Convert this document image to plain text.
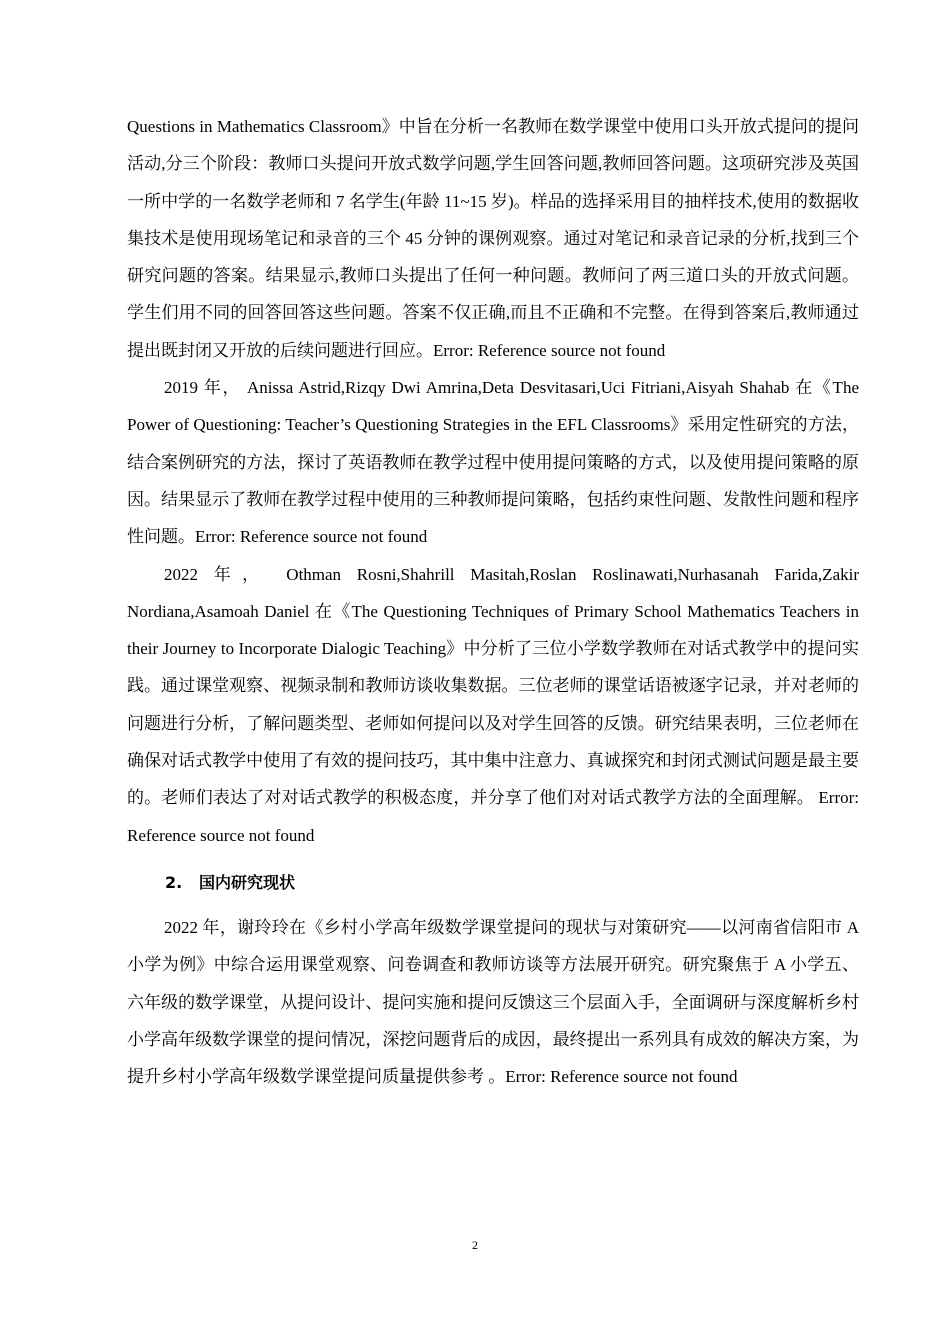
Questions in Mathematics Classroom》中旨在分析一名教师在数学课堂中使用口头开放式提问的提问活动,分三个阶段：教师口头提问开放式数学问题,学生回答问题,教师回答问题。这项研究涉及英国一所中学的一名数学老师和 7 名学生(年龄 11~15 岁)。样品的选择采用目的抽样技术,使用的数据收集技术是使用现场笔记和录音的三个 45 分钟的课例观察。通过对笔记和录音记录的分析,找到三个研究问题的答案。结果显示,教师口头提出了任何一种问题。教师问了两三道口头的开放式问题。学生们用不同的回答回答这些问题。答案不仅正确,而且不正确和不完整。在得到答案后,教师通过提出既封闭又开放的后续问题进行回应。Error: Reference source not found

2019 年， Anissa Astrid,Rizqy Dwi Amrina,Deta Desvitasari,Uci Fitriani,Aisyah Shahab 在《The Power of Questioning: Teacher’s Questioning Strategies in the EFL Classrooms》采用定性研究的方法，结合案例研究的方法，探讨了英语教师在教学过程中使用提问策略的方式，以及使用提问策略的原因。结果显示了教师在教学过程中使用的三种教师提问策略，包括约束性问题、发散性问题和程序性问题。Error: Reference source not found

2022 年， Othman Rosni,Shahrill Masitah,Roslan Roslinawati,Nurhasanah Farida,Zakir Nordiana,Asamoah Daniel 在《The Questioning Techniques of Primary School Mathematics Teachers in their Journey to Incorporate Dialogic Teaching》中分析了三位小学数学教师在对话式教学中的提问实践。通过课堂观察、视频录制和教师访谈收集数据。三位老师的课堂话语被逐字记录，并对老师的问题进行分析，了解问题类型、老师如何提问以及对学生回答的反馈。研究结果表明，三位老师在确保对话式教学中使用了有效的提问技巧，其中集中注意力、真诚探究和封闭式测试问题是最主要的。老师们表达了对对话式教学的积极态度，并分享了他们对对话式教学方法的全面理解。 Error: Reference source not found

2. 国内研究现状

2022 年，谢玲玲在《乡村小学高年级数学课堂提问的现状与对策研究——以河南省信阳市 A 小学为例》中综合运用课堂观察、问卷调查和教师访谈等方法展开研究。研究聚焦于 A 小学五、六年级的数学课堂，从提问设计、提问实施和提问反馈这三个层面入手，全面调研与深度解析乡村小学高年级数学课堂的提问情况，深挖问题背后的成因，最终提出一系列具有成效的解决方案，为提升乡村小学高年级数学课堂提问质量提供参考 。Error: Reference source not found

2
